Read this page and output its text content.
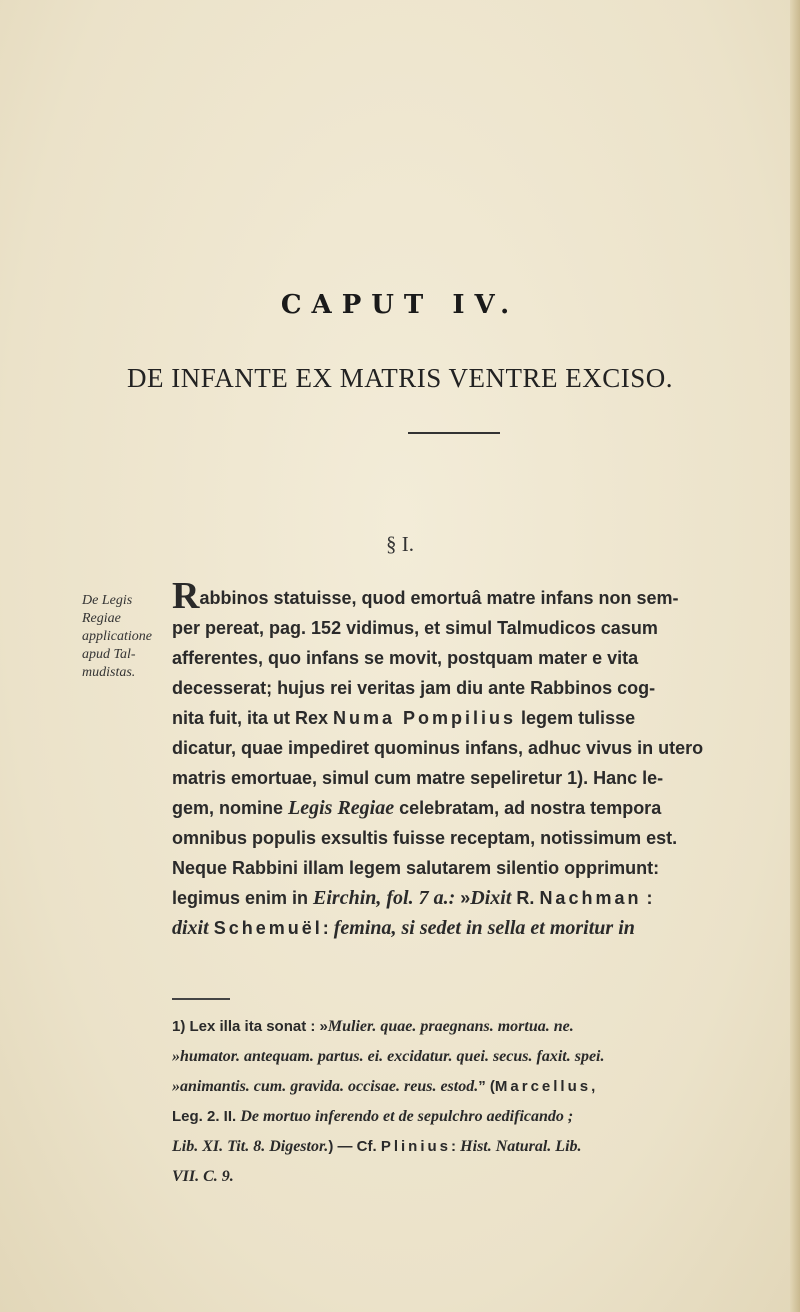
CAPUT IV.
DE INFANTE EX MATRIS VENTRE EXCISO.
§ I.
De Legis
Regiae
applicatione
apud Tal-
mudistas.
Rabbinos statuisse, quod emortuâ matre infans non sem-
per pereat, pag. 152 vidimus, et simul Talmudicos casum
afferentes, quo infans se movit, postquam mater e vita
decesserat; hujus rei veritas jam diu ante Rabbinos cog-
nita fuit, ita ut Rex Numa Pompilius legem tulisse
dicatur, quae impediret quominus infans, adhuc vivus in utero
matris emortuae, simul cum matre sepeliretur 1). Hanc le-
gem, nomine Legis Regiae celebratam, ad nostra tempora
omnibus populis exsultis fuisse receptam, notissimum est.
Neque Rabbini illam legem salutarem silentio opprimunt:
legimus enim in Eirchin, fol. 7 a.: »Dixit R. Nachman :
dixit Schemuël: femina, si sedet in sella et moritur in
1) Lex illa ita sonat : »Mulier. quae. praegnans. mortua. ne.
»humator. antequam. partus. ei. excidatur. quei. secus. faxit. spei.
»animantis. cum. gravida. occisae. reus. estod.” (Marcellus,
Leg. 2. II. De mortuo inferendo et de sepulchro aedificando ;
Lib. XI. Tit. 8. Digestor.) — Cf. Plinius: Hist. Natural. Lib.
VII. C. 9.
